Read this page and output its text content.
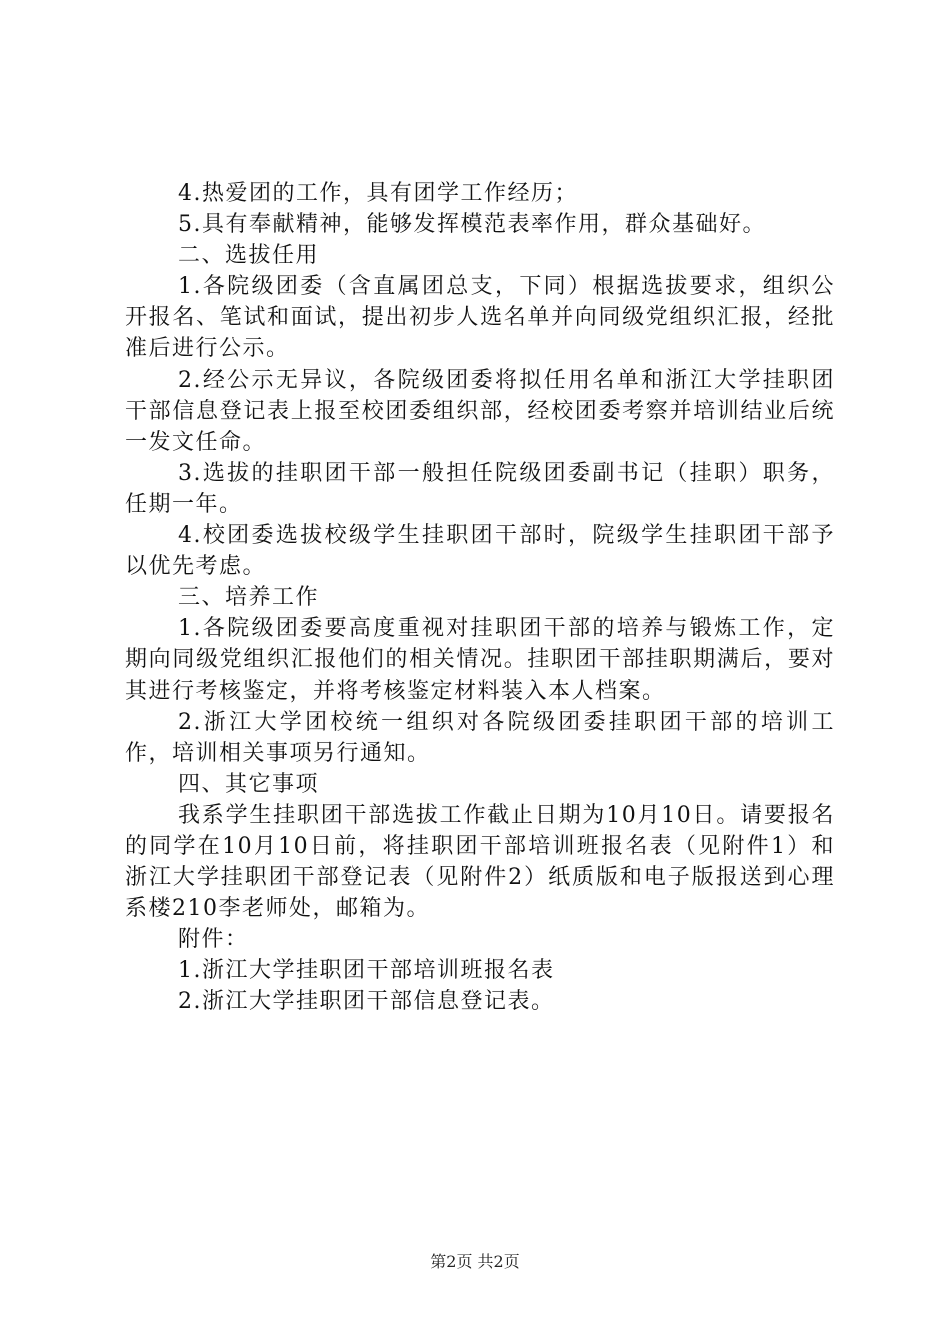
4.热爱团的工作，具有团学工作经历；

5.具有奉献精神，能够发挥模范表率作用，群众基础好。

二、选拔任用

1.各院级团委（含直属团总支，下同）根据选拔要求，组织公开报名、笔试和面试，提出初步人选名单并向同级党组织汇报，经批准后进行公示。

2.经公示无异议，各院级团委将拟任用名单和浙江大学挂职团干部信息登记表上报至校团委组织部，经校团委考察并培训结业后统一发文任命。

3.选拔的挂职团干部一般担任院级团委副书记（挂职）职务，任期一年。

4.校团委选拔校级学生挂职团干部时，院级学生挂职团干部予以优先考虑。

三、培养工作

1.各院级团委要高度重视对挂职团干部的培养与锻炼工作，定期向同级党组织汇报他们的相关情况。挂职团干部挂职期满后，要对其进行考核鉴定，并将考核鉴定材料装入本人档案。

2.浙江大学团校统一组织对各院级团委挂职团干部的培训工作，培训相关事项另行通知。

四、其它事项

我系学生挂职团干部选拔工作截止日期为10月10日。请要报名的同学在10月10日前，将挂职团干部培训班报名表（见附件1）和浙江大学挂职团干部登记表（见附件2）纸质版和电子版报送到心理系楼210李老师处，邮箱为。

附件：

1.浙江大学挂职团干部培训班报名表

2.浙江大学挂职团干部信息登记表。

第2页 共2页
